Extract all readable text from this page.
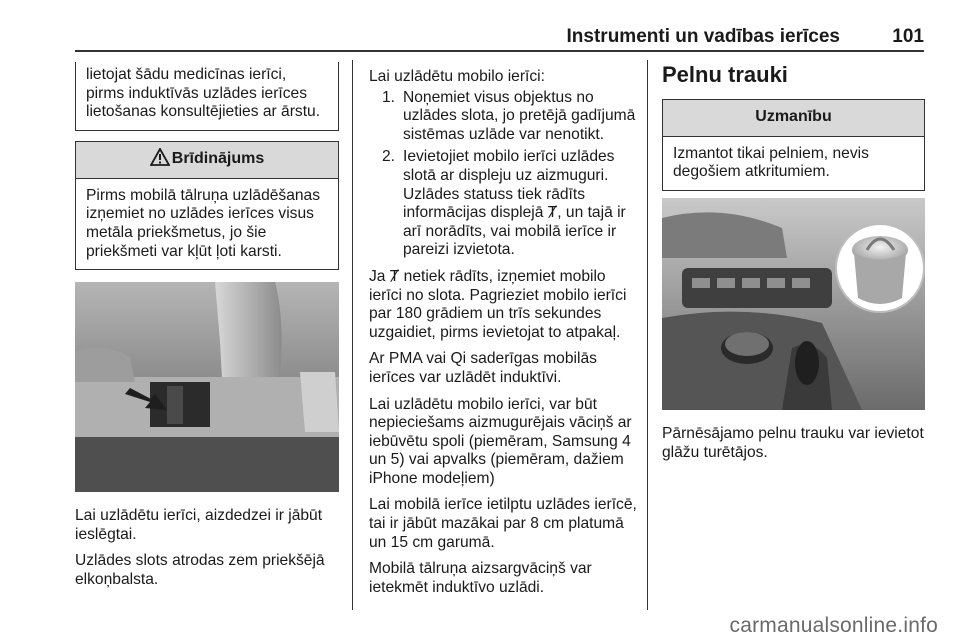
Instrumenti un vadības ierīces	101
lietojat šādu medicīnas ierīci, pirms induktīvās uzlādes ierīces lietošanas konsultējieties ar ārstu.
Brīdinājums
Pirms mobilā tālruņa uzlādēšanas izņemiet no uzlādes ierīces visus metāla priekšmetus, jo šie priekšmeti var kļūt ļoti karsti.

Lai uzlādētu ierīci, aizdedzei ir jābūt ieslēgtai.

Uzlādes slots atrodas zem priekšējā elkoņbalsta.

Lai uzlādētu mobilo ierīci:

1. Noņemiet visus objektus no uzlādes slota, jo pretējā gadījumā sistēmas uzlāde var nenotikt.
2. Ievietojiet mobilo ierīci uzlādes slotā ar displeju uz aizmuguri. Uzlādes statuss tiek rādīts informācijas displejā Ⱦ, un tajā ir arī norādīts, vai mobilā ierīce ir pareizi izvietota.

Ja Ⱦ netiek rādīts, izņemiet mobilo ierīci no slota. Pagrieziet mobilo ierīci par 180 grādiem un trīs sekundes uzgaidiet, pirms ievietojat to atpakaļ.

Ar PMA vai Qi saderīgas mobilās ierīces var uzlādēt induktīvi.

Lai uzlādētu mobilo ierīci, var būt nepieciešams aizmugurējais vāciņš ar iebūvētu spoli (piemēram, Samsung 4 un 5) vai apvalks (piemēram, dažiem iPhone modeļiem)

Lai mobilā ierīce ietilptu uzlādes ierīcē, tai ir jābūt mazākai par 8 cm platumā un 15 cm garumā.

Mobilā tālruņa aizsargvāciņš var ietekmēt induktīvo uzlādi.

Pelnu trauki
Uzmanību
Izmantot tikai pelniem, nevis degošiem atkritumiem.

Pārnēsājamo pelnu trauku var ievietot glāžu turētājos.

carmanualsonline.info
